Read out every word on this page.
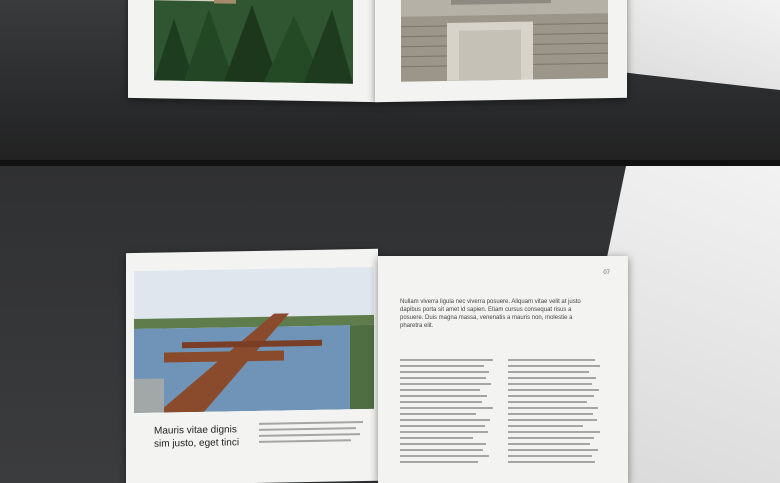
Mauris vitae dignis
sim justo, eget tinci
07
Nullam viverra ligula nec viverra posuere. Aliquam vitae velit at justo dapibus porta sit amet id sapien. Etiam cursus consequat risus a posuere. Duis magna massa, venenatis a mauris non, molestie a pharetra elit.
